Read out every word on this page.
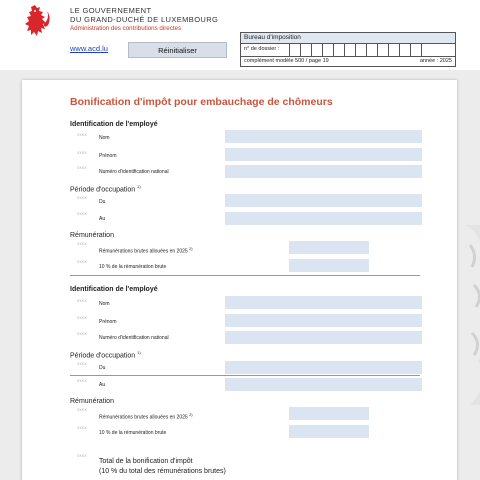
LE GOUVERNEMENT
DU GRAND-DUCHÉ DE LUXEMBOURG
Administration des contributions directes
www.acd.lu	Réinitialiser
Bureau d'imposition
n° de dossier :
complément modèle 500 / page 19	année : 2025
Bonification d'impôt pour embauchage de chômeurs
Identification de l'employé
XXXX Nom
XXXX Prénom
XXXX
Numéro d'identification national
Période d'occupation $^{1)}$
XXXX
Du
XXXX
Au
Rémunération
XXXX
Rémunérations brutes allouées en 2025 $^{2)}$
XXXX
10 % de la rémunération brute
Identification de l'employé
XXXX Nom
XXXX
Prénom
XXXX
Numéro d'identification national
Période d'occupation $^{1)}$
XXXX
Du
XXXX
Au
Rémunération
XXXX
Rémunérations brutes allouées en 2025 $^{2)}$
XXXX
10 % de la rémunération brute
XXXX
Total de la bonification d'impôt
(10 % du total des rémunérations brutes)
